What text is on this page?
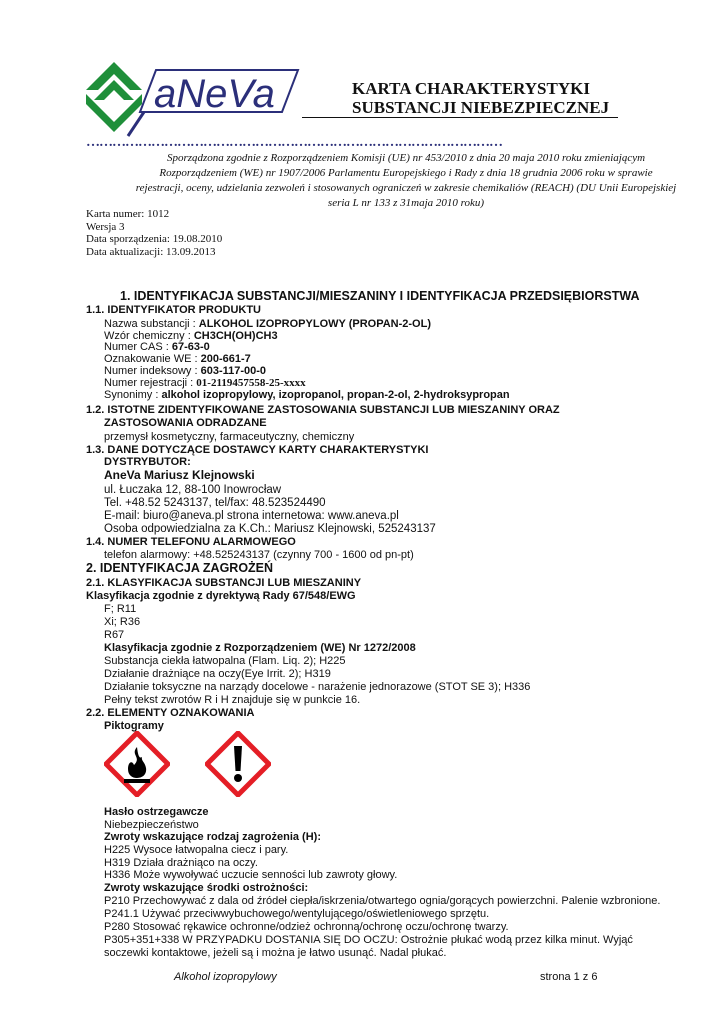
aNeVa	KARTA CHARAKTERYSTYKI
SUBSTANCJI NIEBEZPIECZNEJ
……………………………………………………………………………………
Sporządzona zgodnie z Rozporządzeniem Komisji (UE) nr 453/2010 z dnia 20 maja 2010 roku zmieniającym
Rozporządzeniem (WE) nr 1907/2006 Parlamentu Europejskiego i Rady z dnia 18 grudnia 2006 roku w sprawie
rejestracji, oceny, udzielania zezwoleń i stosowanych ograniczeń w zakresie chemikaliów (REACH) (DU Unii Europejskiej
seria L nr 133 z 31maja 2010 roku)
Karta numer: 1012
Wersja 3
Data sporządzenia: 19.08.2010
Data aktualizacji: 13.09.2013
1. IDENTYFIKACJA SUBSTANCJI/MIESZANINY I IDENTYFIKACJA PRZEDSIĘBIORSTWA
1.1. IDENTYFIKATOR PRODUKTU
Nazwa substancji : ALKOHOL IZOPROPYLOWY (PROPAN-2-OL)
Wzór chemiczny : CH3CH(OH)CH3
Numer CAS : 67-63-0
Oznakowanie WE : 200-661-7
Numer indeksowy : 603-117-00-0
Numer rejestracji : 01-2119457558-25-xxxx
Synonimy : alkohol izopropylowy, izopropanol, propan-2-ol, 2-hydroksypropan
1.2. ISTOTNE ZIDENTYFIKOWANE ZASTOSOWANIA SUBSTANCJI LUB MIESZANINY ORAZ
ZASTOSOWANIA ODRADZANE
przemysł kosmetyczny, farmaceutyczny, chemiczny
1.3. DANE DOTYCZĄCE DOSTAWCY KARTY CHARAKTERYSTYKI
DYSTRYBUTOR:
AneVa Mariusz Klejnowski
ul. Łuczaka 12, 88-100 Inowrocław
Tel. +48.52 5243137, tel/fax: 48.523524490
E-mail: biuro@aneva.pl strona internetowa: www.aneva.pl
Osoba odpowiedzialna za K.Ch.: Mariusz Klejnowski, 525243137
1.4. NUMER TELEFONU ALARMOWEGO
telefon alarmowy: +48.525243137 (czynny 700 - 1600 od pn-pt)
2. IDENTYFIKACJA ZAGROŻEŃ
2.1. KLASYFIKACJA SUBSTANCJI LUB MIESZANINY
Klasyfikacja zgodnie z dyrektywą Rady 67/548/EWG
F; R11
Xi; R36
R67
Klasyfikacja zgodnie z Rozporządzeniem (WE) Nr 1272/2008
Substancja ciekła łatwopalna (Flam. Liq. 2); H225
Działanie drażniące na oczy(Eye Irrit. 2); H319
Działanie toksyczne na narządy docelowe - narażenie jednorazowe (STOT SE 3); H336
Pełny tekst zwrotów R i H znajduje się w punkcie 16.
2.2. ELEMENTY OZNAKOWANIA
Piktogramy
Hasło ostrzegawcze
Niebezpieczeństwo
Zwroty wskazujące rodzaj zagrożenia (H):
H225 Wysoce łatwopalna ciecz i pary.
H319 Działa drażniąco na oczy.
H336 Może wywoływać uczucie senności lub zawroty głowy.
Zwroty wskazujące środki ostrożności:
P210 Przechowywać z dala od źródeł ciepła/iskrzenia/otwartego ognia/gorących powierzchni. Palenie wzbronione.
P241.1 Używać przeciwwybuchowego/wentylującego/oświetleniowego sprzętu.
P280 Stosować rękawice ochronne/odzież ochronną/ochronę oczu/ochronę twarzy.
P305+351+338 W PRZYPADKU DOSTANIA SIĘ DO OCZU: Ostrożnie płukać wodą przez kilka minut. Wyjąć
soczewki kontaktowe, jeżeli są i można je łatwo usunąć. Nadal płukać.
Alkohol izopropylowy	strona 1 z 6
